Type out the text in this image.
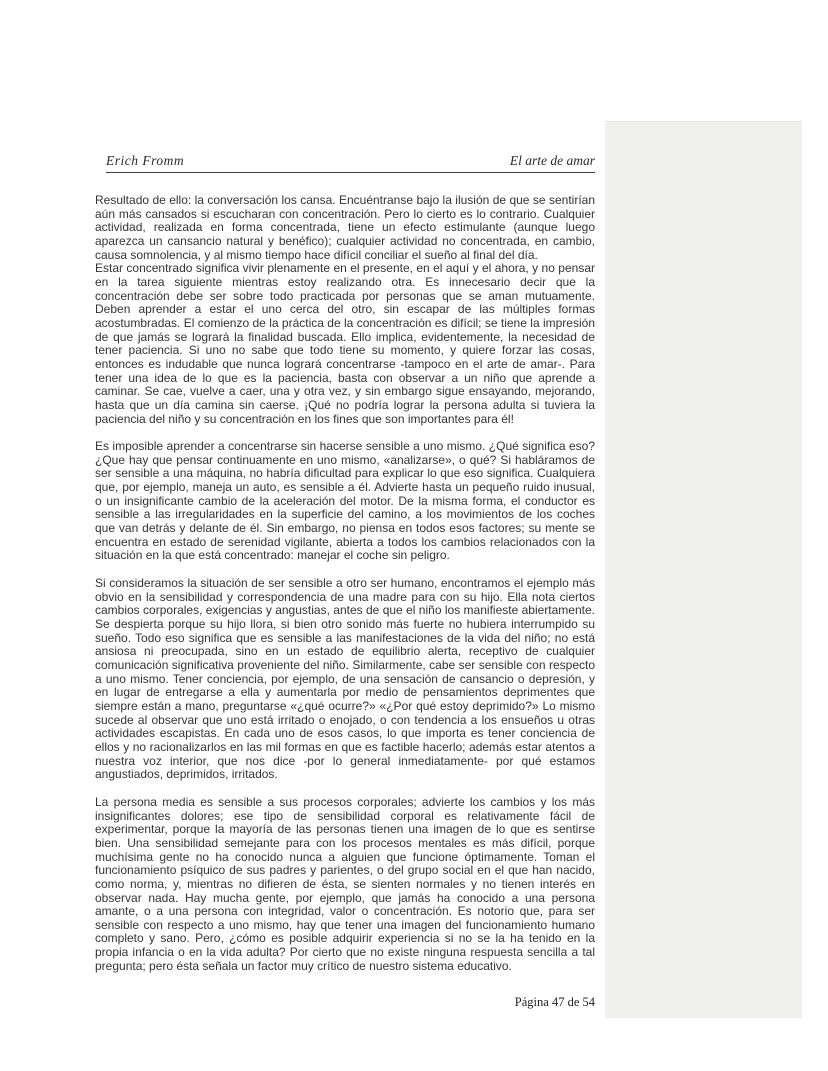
Erich Fromm	El arte de amar

Resultado de ello: la conversación los cansa. Encuéntranse bajo la ilusión de que se sentirían aún más cansados si escucharan con concentración. Pero lo cierto es lo contrario. Cualquier actividad, realizada en forma concentrada, tiene un efecto estimulante (aunque luego aparezca un cansancio natural y benéfico); cualquier actividad no concentrada, en cambio, causa somnolencia, y al mismo tiempo hace difícil conciliar el sueño al final del día.

Estar concentrado significa vivir plenamente en el presente, en el aquí y el ahora, y no pensar en la tarea siguiente mientras estoy realizando otra. Es innecesario decir que la concentración debe ser sobre todo practicada por personas que se aman mutuamente. Deben aprender a estar el uno cerca del otro, sin escapar de las múltiples formas acostumbradas. El comienzo de la práctica de la concentración es difícil; se tiene la impresión de que jamás se logrará la finalidad buscada. Ello implica, evidentemente, la necesidad de tener paciencia. Si uno no sabe que todo tiene su momento, y quiere forzar las cosas, entonces es indudable que nunca logrará concentrarse -tampoco en el arte de amar-. Para tener una idea de lo que es la paciencia, basta con observar a un niño que aprende a caminar. Se cae, vuelve a caer, una y otra vez, y sin embargo sigue ensayando, mejorando, hasta que un día camina sin caerse. ¡Qué no podría lograr la persona adulta si tuviera la paciencia del niño y su concentración en los fines que son importantes para él!

Es imposible aprender a concentrarse sin hacerse sensible a uno mismo. ¿Qué significa eso? ¿Que hay que pensar continuamente en uno mismo, «analizarse», o qué? Si habláramos de ser sensible a una máquina, no habría dificultad para explicar lo que eso significa. Cualquiera que, por ejemplo, maneja un auto, es sensible a él. Advierte hasta un pequeño ruido inusual, o un insignificante cambio de la aceleración del motor. De la misma forma, el conductor es sensible a las irregularidades en la superficie del camino, a los movimientos de los coches que van detrás y delante de él. Sin embargo, no piensa en todos esos factores; su mente se encuentra en estado de serenidad vigilante, abierta a todos los cambios relacionados con la situación en la que está concentrado: manejar el coche sin peligro.

Si consideramos la situación de ser sensible a otro ser humano, encontramos el ejemplo más obvio en la sensibilidad y correspondencia de una madre para con su hijo. Ella nota ciertos cambios corporales, exigencias y angustias, antes de que el niño los manifieste abiertamente. Se despierta porque su hijo llora, si bien otro sonido más fuerte no hubiera interrumpido su sueño. Todo eso significa que es sensible a las manifestaciones de la vida del niño; no está ansiosa ni preocupada, sino en un estado de equilibrio alerta, receptivo de cualquier comunicación significativa proveniente del niño. Similarmente, cabe ser sensible con respecto a uno mismo. Tener conciencia, por ejemplo, de una sensación de cansancio o depresión, y en lugar de entregarse a ella y aumentarla por medio de pensamientos deprimentes que siempre están a mano, preguntarse «¿qué ocurre?» «¿Por qué estoy deprimido?» Lo mismo sucede al observar que uno está irritado o enojado, o con tendencia a los ensueños u otras actividades escapistas. En cada uno de esos casos, lo que importa es tener conciencia de ellos y no racionalizarlos en las mil formas en que es factible hacerlo; además estar atentos a nuestra voz interior, que nos dice -por lo general inmediatamente- por qué estamos angustiados, deprimidos, irritados.

La persona media es sensible a sus procesos corporales; advierte los cambios y los más insignificantes dolores; ese tipo de sensibilidad corporal es relativamente fácil de experimentar, porque la mayoría de las personas tienen una imagen de lo que es sentirse bien. Una sensibilidad semejante para con los procesos mentales es más difícil, porque muchísima gente no ha conocido nunca a alguien que funcione óptimamente. Toman el funcionamiento psíquico de sus padres y parientes, o del grupo social en el que han nacido, como norma, y, mientras no difieren de ésta, se sienten normales y no tienen interés en observar nada. Hay mucha gente, por ejemplo, que jamás ha conocido a una persona amante, o a una persona con integridad, valor o concentración. Es notorio que, para ser sensible con respecto a uno mismo, hay que tener una imagen del funcionamiento humano completo y sano. Pero, ¿cómo es posible adquirir experiencia si no se la ha tenido en la propia infancia o en la vida adulta? Por cierto que no existe ninguna respuesta sencilla a tal pregunta; pero ésta señala un factor muy crítico de nuestro sistema educativo.

Página 47 de 54
